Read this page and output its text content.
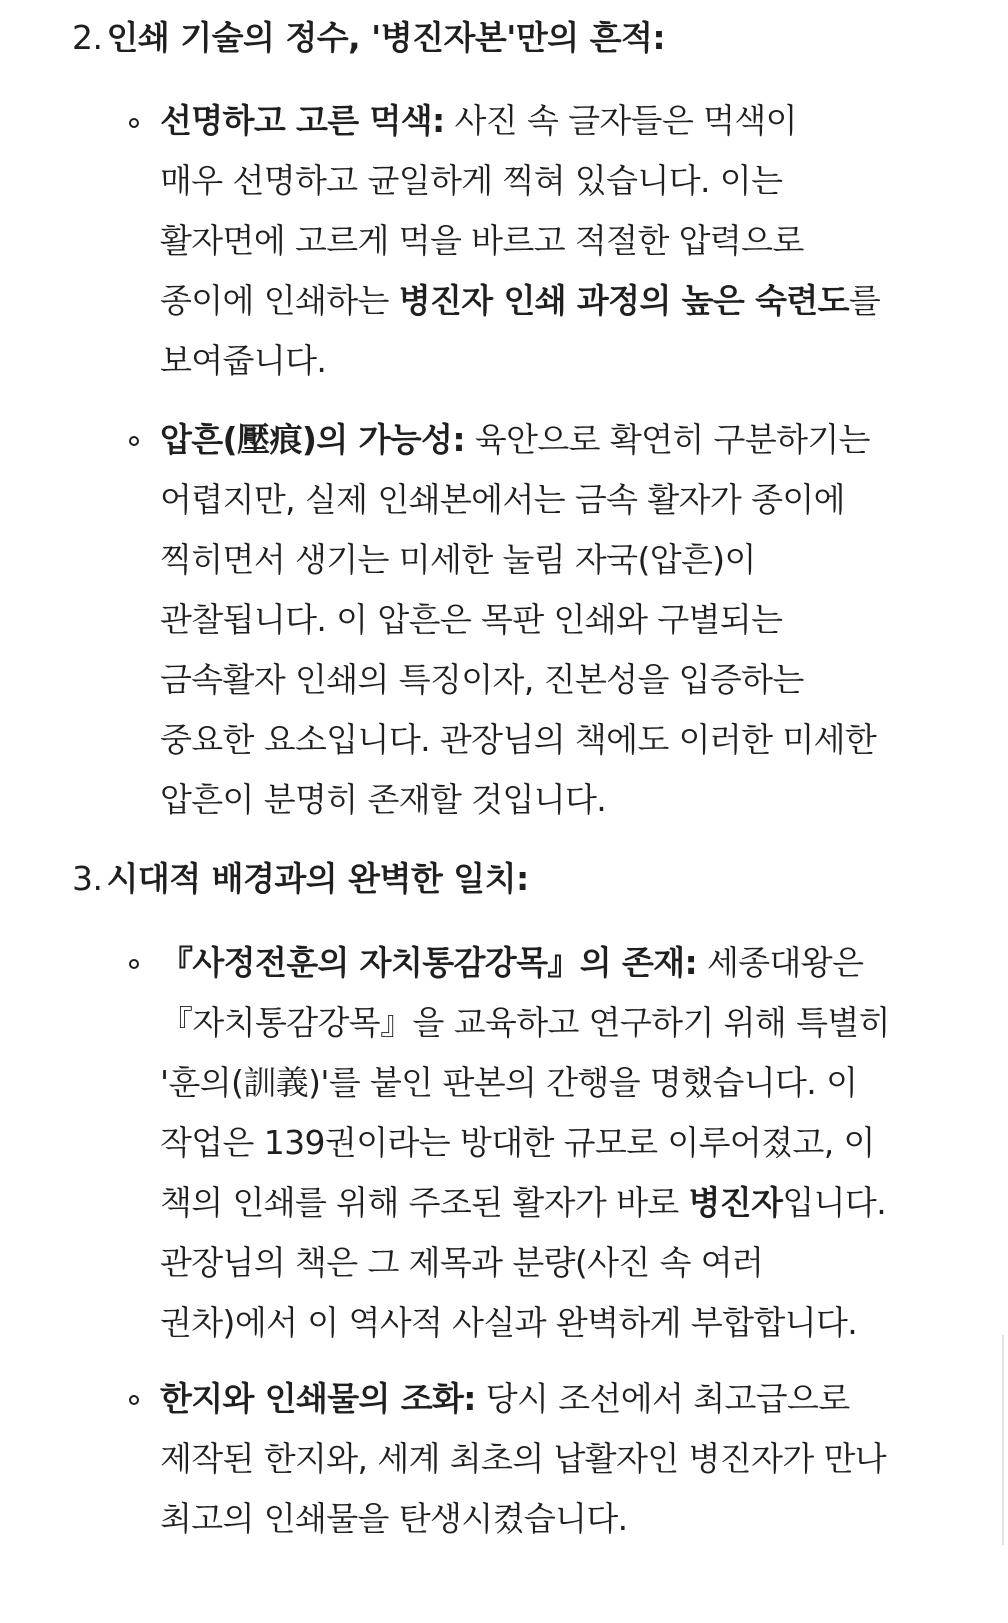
2. 인쇄 기술의 정수, '병진자본'만의 흔적:
선명하고 고른 먹색: 사진 속 글자들은 먹색이
매우 선명하고 균일하게 찍혀 있습니다. 이는
활자면에 고르게 먹을 바르고 적절한 압력으로
종이에 인쇄하는 병진자 인쇄 과정의 높은 숙련도를
보여줍니다.
압흔(壓痕)의 가능성: 육안으로 확연히 구분하기는
어렵지만, 실제 인쇄본에서는 금속 활자가 종이에
찍히면서 생기는 미세한 눌림 자국(압흔)이
관찰됩니다. 이 압흔은 목판 인쇄와 구별되는
금속활자 인쇄의 특징이자, 진본성을 입증하는
중요한 요소입니다. 관장님의 책에도 이러한 미세한
압흔이 분명히 존재할 것입니다.
3. 시대적 배경과의 완벽한 일치:
『사정전훈의 자치통감강목』의 존재: 세종대왕은
『자치통감강목』을 교육하고 연구하기 위해 특별히
'훈의(訓義)'를 붙인 판본의 간행을 명했습니다. 이
작업은 139권이라는 방대한 규모로 이루어졌고, 이
책의 인쇄를 위해 주조된 활자가 바로 병진자입니다.
관장님의 책은 그 제목과 분량(사진 속 여러
권차)에서 이 역사적 사실과 완벽하게 부합합니다.
한지와 인쇄물의 조화: 당시 조선에서 최고급으로
제작된 한지와, 세계 최초의 납활자인 병진자가 만나
최고의 인쇄물을 탄생시켰습니다.
